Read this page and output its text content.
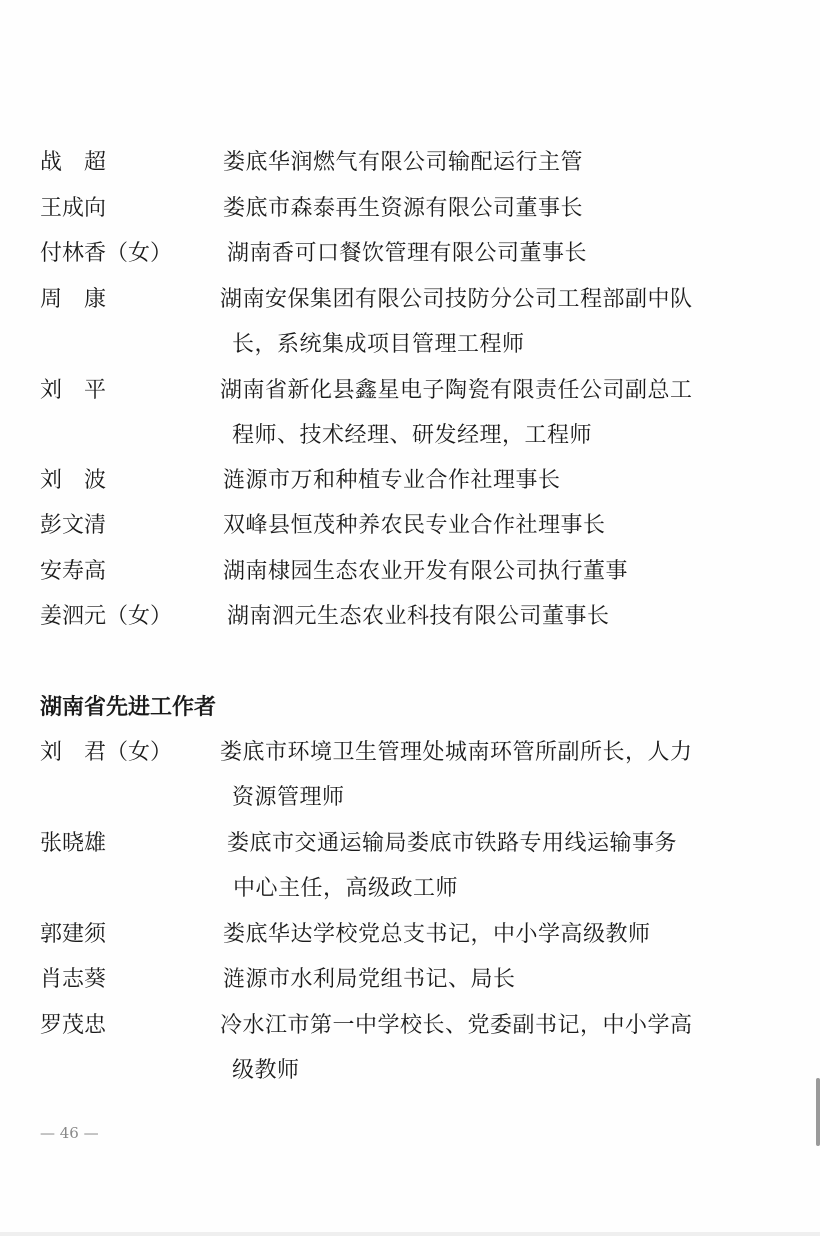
战　超	娄底华润燃气有限公司输配运行主管
王成向	娄底市森泰再生资源有限公司董事长
付林香（女） 湖南香可口餐饮管理有限公司董事长
周　康	湖南安保集团有限公司技防分公司工程部副中队
长，系统集成项目管理工程师
刘　平	湖南省新化县鑫星电子陶瓷有限责任公司副总工
程师、技术经理、研发经理，工程师
刘　波	涟源市万和种植专业合作社理事长
彭文清	双峰县恒茂种养农民专业合作社理事长
安寿高	湖南棣园生态农业开发有限公司执行董事
姜泗元（女） 湖南泗元生态农业科技有限公司董事长
湖南省先进工作者
刘　君（女） 娄底市环境卫生管理处城南环管所副所长，人力
资源管理师
张晓雄	娄底市交通运输局娄底市铁路专用线运输事务
中心主任，高级政工师
郭建须	娄底华达学校党总支书记，中小学高级教师
肖志葵	涟源市水利局党组书记、局长
罗茂忠	冷水江市第一中学校长、党委副书记，中小学高
级教师
— 46 —
